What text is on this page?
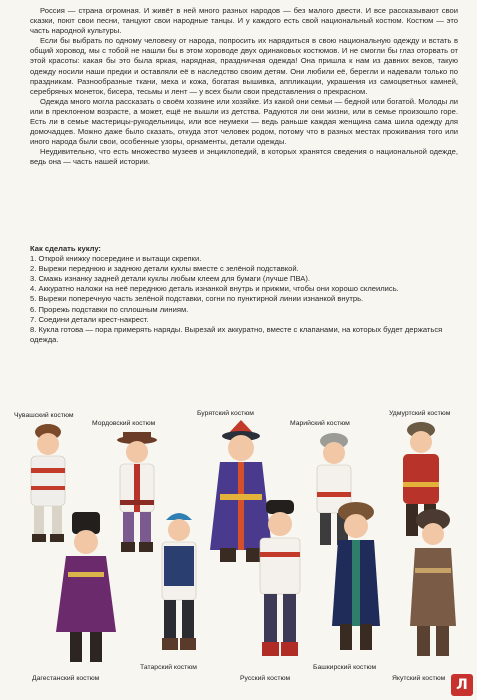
Россия — страна огромная. И живёт в ней много разных народов — без малого двести. И все рассказывают свои сказки, поют свои песни, танцуют свои народные танцы. И у каждого есть свой национальный костюм. Костюм — это часть народной культуры.

Если бы выбрать по одному человеку от народа, попросить их нарядиться в свою национальную одежду и встать в общий хоровод, мы с тобой не нашли бы в этом хороводе двух одинаковых костюмов. И не смогли бы глаз оторвать от этой красоты: какая бы это была яркая, нарядная, праздничная одежда! Она пришла к нам из давних веков, такую одежду носили наши предки и оставляли её в наследство своим детям. Они любили её, берегли и надевали только по праздникам. Разнообразные ткани, меха и кожа, богатая вышивка, аппликации, украшения из самоцветных камней, серебряных монеток, бисера, тесьмы и лент — у всех были свои представления о прекрасном.

Одежда много могла рассказать о своём хозяине или хозяйке. Из какой они семьи — бедной или богатой. Молоды ли или в преклонном возрасте, а может, ещё не вышли из детства. Радуются ли они жизни, или в семье произошло горе. Есть ли в семье мастерицы-рукодельницы, или все неумехи — ведь раньше каждая женщина сама шила одежду для домочадцев. Можно даже было сказать, откуда этот человек родом, потому что в разных местах проживания того или иного народа были свои, особенные узоры, орнаменты, детали одежды.

Неудивительно, что есть множество музеев и энциклопедий, в которых хранятся сведения о национальной одежде, ведь она — часть нашей истории.

Как сделать куклу:
1. Открой книжку посередине и вытащи скрепки.
2. Вырежи переднюю и заднюю детали куклы вместе с зелёной подставкой.
3. Смажь изнанку задней детали куклы любым клеем для бумаги (лучше ПВА).
4. Аккуратно наложи на неё переднюю деталь изнанкой внутрь и прижми, чтобы они хорошо склеились.
5. Вырежи поперечную часть зелёной подставки, согни по пунктирной линии изнанкой внутрь.
6. Прорежь подставки по сплошным линиям.
7. Соедини детали крест-накрест.
8. Кукла готова — пора примерять наряды. Вырезай их аккуратно, вместе с клапанами, на которых будет держаться одежда.
Чувашский костюм
Мордовский костюм
Бурятский костюм
Марийский костюм
Удмуртский костюм
Дагестанский костюм
Татарский костюм
Русский костюм
Башкирский костюм
Якутский костюм Л
